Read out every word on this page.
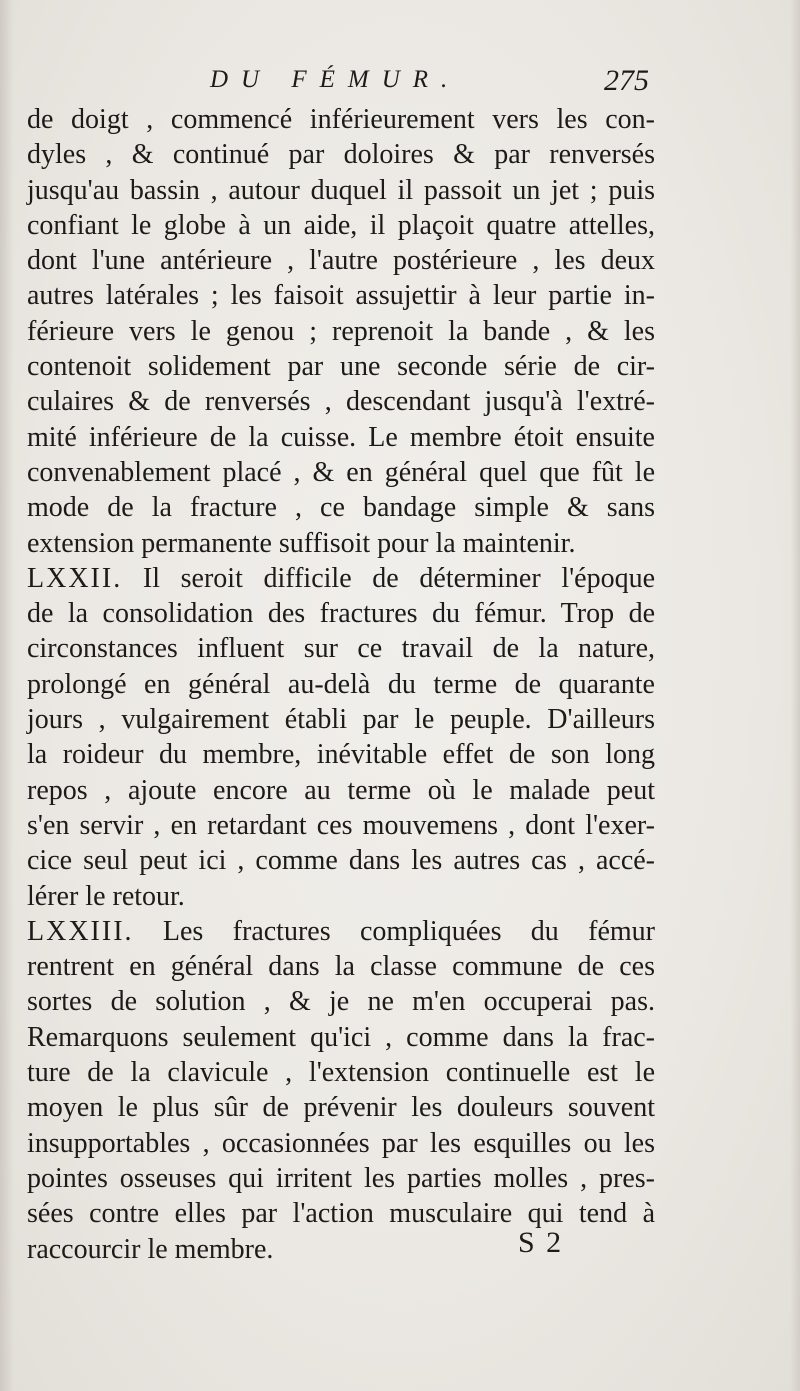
DU FÉMUR.	275
de doigt , commencé inférieurement vers les con-
dyles , & continué par doloires & par renversés
jusqu'au bassin , autour duquel il passoit un jet ; puis
confiant le globe à un aide, il plaçoit quatre attelles,
dont l'une antérieure , l'autre postérieure , les deux
autres latérales ; les faisoit assujettir à leur partie in-
férieure vers le genou ; reprenoit la bande , & les
contenoit solidement par une seconde série de cir-
culaires & de renversés , descendant jusqu'à l'extré-
mité inférieure de la cuisse. Le membre étoit ensuite
convenablement placé , & en général quel que fût le
mode de la fracture , ce bandage simple & sans
extension permanente suffisoit pour la maintenir.
LXXII. Il seroit difficile de déterminer l'époque
de la consolidation des fractures du fémur. Trop de
circonstances influent sur ce travail de la nature,
prolongé en général au-delà du terme de quarante
jours , vulgairement établi par le peuple. D'ailleurs
la roideur du membre, inévitable effet de son long
repos , ajoute encore au terme où le malade peut
s'en servir , en retardant ces mouvemens , dont l'exer-
cice seul peut ici , comme dans les autres cas , accé-
lérer le retour.
LXXIII. Les fractures compliquées du fémur
rentrent en général dans la classe commune de ces
sortes de solution , & je ne m'en occuperai pas.
Remarquons seulement qu'ici , comme dans la frac-
ture de la clavicule , l'extension continuelle est le
moyen le plus sûr de prévenir les douleurs souvent
insupportables , occasionnées par les esquilles ou les
pointes osseuses qui irritent les parties molles , pres-
sées contre elles par l'action musculaire qui tend à
raccourcir le membre.	S 2
